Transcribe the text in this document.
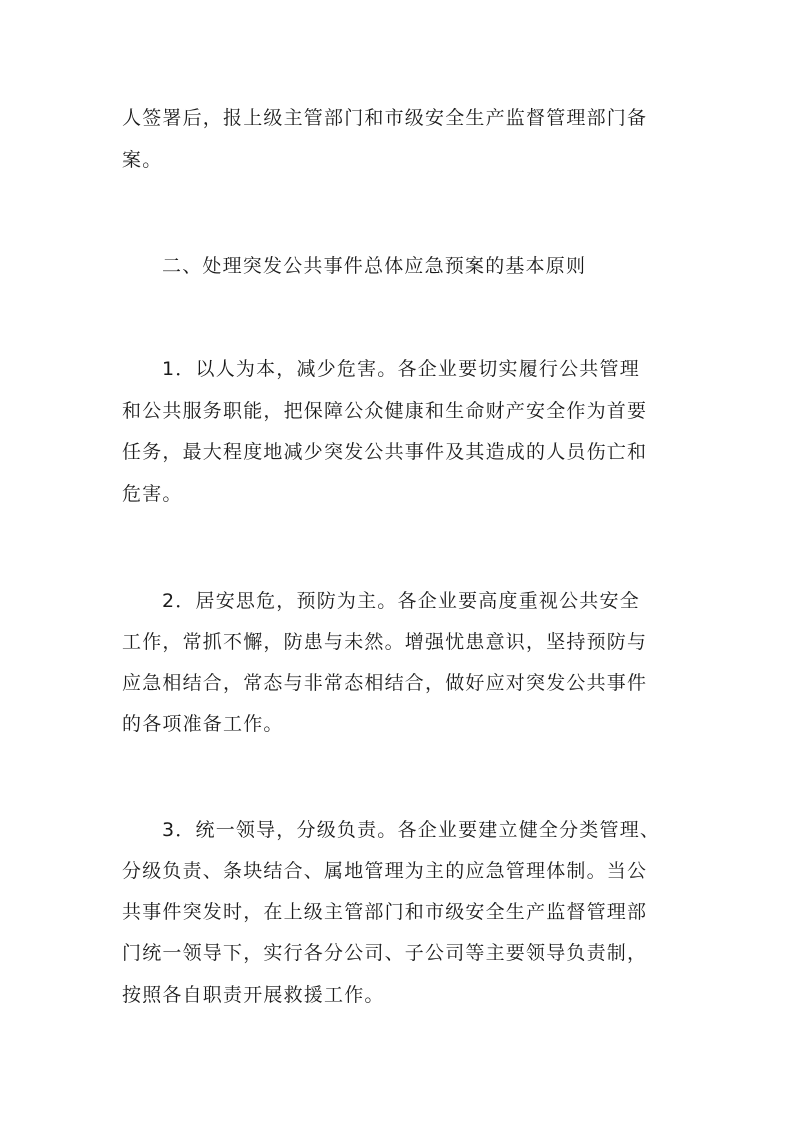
人签署后，报上级主管部门和市级安全生产监督管理部门备
案。
二、处理突发公共事件总体应急预案的基本原则
1．以人为本，减少危害。各企业要切实履行公共管理
和公共服务职能，把保障公众健康和生命财产安全作为首要
任务，最大程度地减少突发公共事件及其造成的人员伤亡和
危害。
2．居安思危，预防为主。各企业要高度重视公共安全
工作，常抓不懈，防患与未然。增强忧患意识，坚持预防与
应急相结合，常态与非常态相结合，做好应对突发公共事件
的各项准备工作。
3．统一领导，分级负责。各企业要建立健全分类管理、
分级负责、条块结合、属地管理为主的应急管理体制。当公
共事件突发时，在上级主管部门和市级安全生产监督管理部
门统一领导下，实行各分公司、子公司等主要领导负责制，
按照各自职责开展救援工作。
